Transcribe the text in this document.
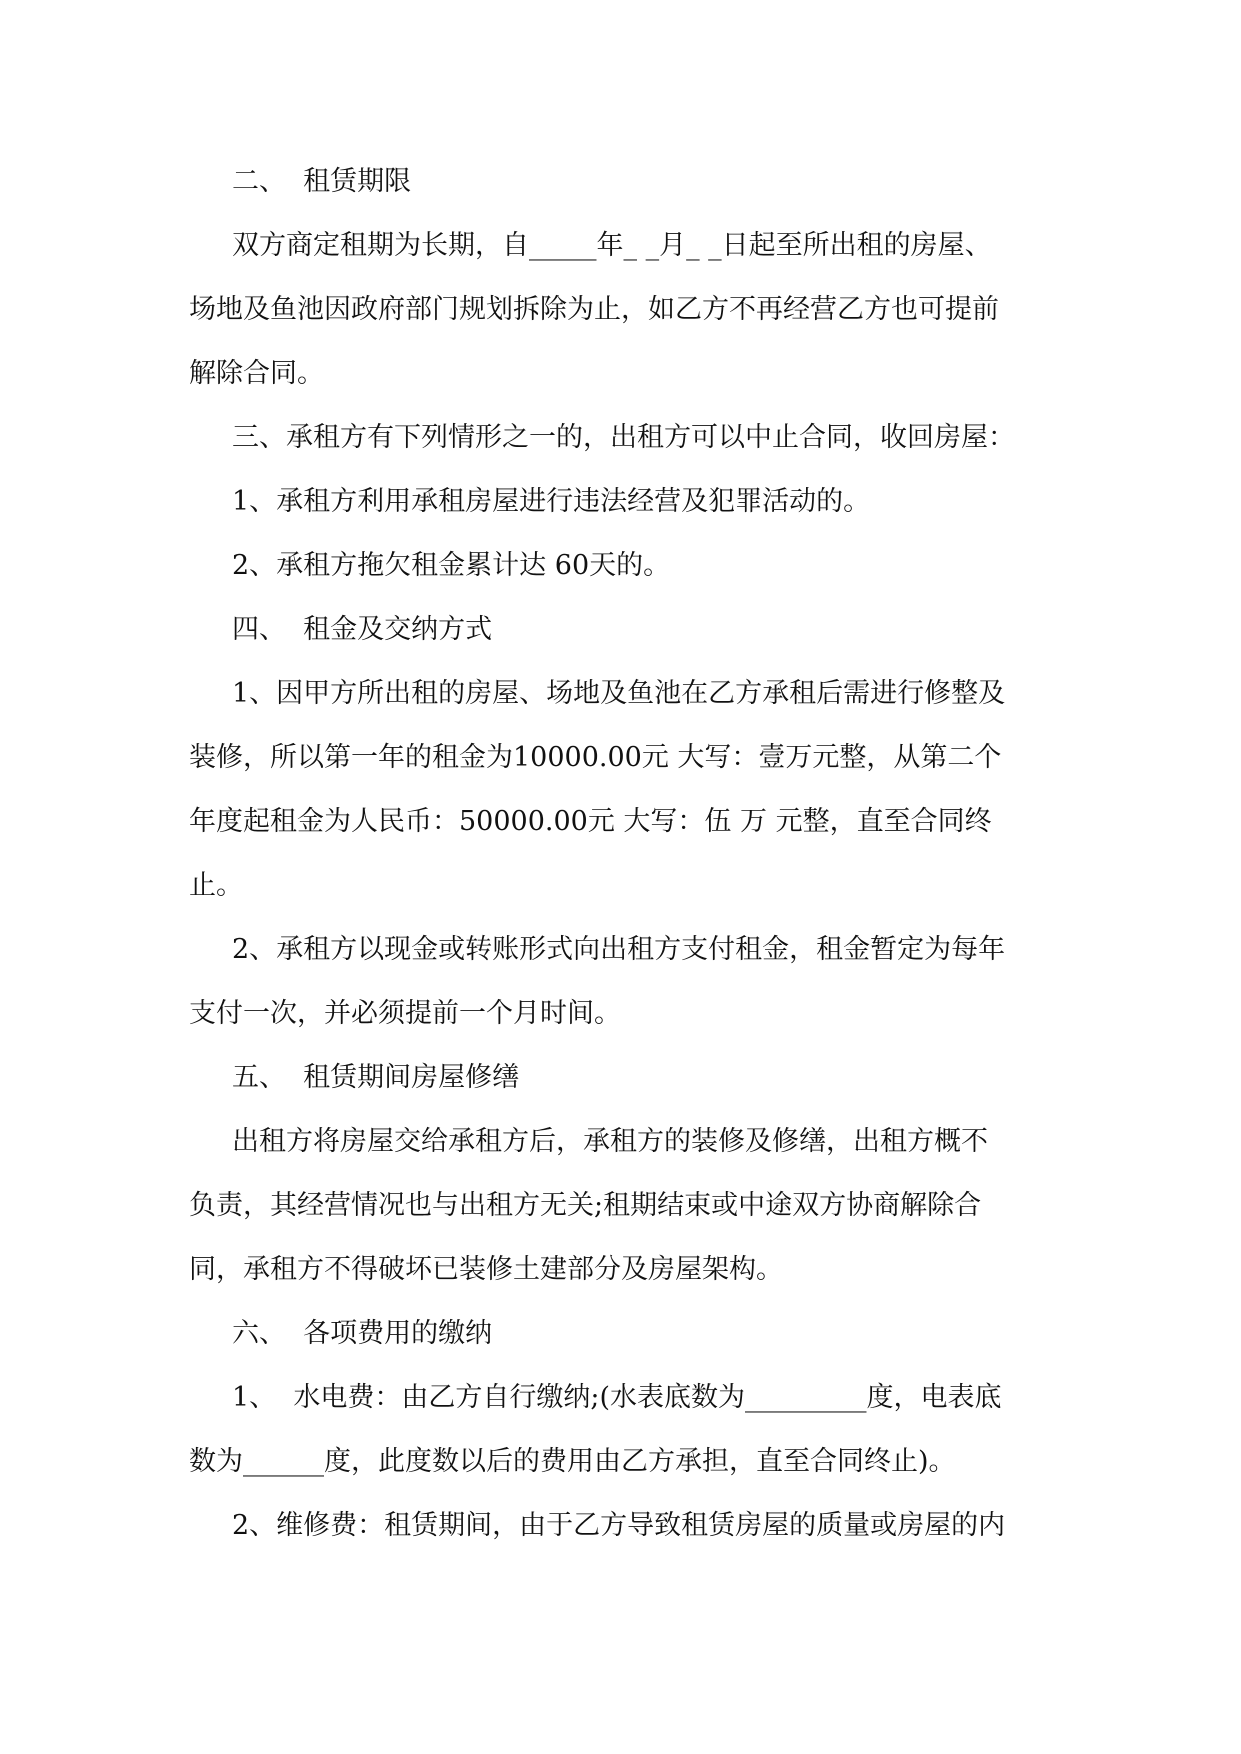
二、  租赁期限

双方商定租期为长期，自_____年_ _月_ _日起至所出租的房屋、

场地及鱼池因政府部门规划拆除为止，如乙方不再经营乙方也可提前

解除合同。

三、承租方有下列情形之一的，出租方可以中止合同，收回房屋：

1、承租方利用承租房屋进行违法经营及犯罪活动的。

2、承租方拖欠租金累计达 60天的。

四、  租金及交纳方式

1、因甲方所出租的房屋、场地及鱼池在乙方承租后需进行修整及

装修，所以第一年的租金为10000.00元 大写：壹万元整，从第二个

年度起租金为人民币：50000.00元 大写：伍 万 元整，直至合同终

止。

2、承租方以现金或转账形式向出租方支付租金，租金暂定为每年

支付一次，并必须提前一个月时间。

五、  租赁期间房屋修缮

出租方将房屋交给承租方后，承租方的装修及修缮，出租方概不

负责，其经营情况也与出租方无关;租期结束或中途双方协商解除合

同，承租方不得破坏已装修土建部分及房屋架构。

六、  各项费用的缴纳

1、  水电费：由乙方自行缴纳;(水表底数为_________度，电表底

数为______度，此度数以后的费用由乙方承担，直至合同终止)。

2、维修费：租赁期间，由于乙方导致租赁房屋的质量或房屋的内
